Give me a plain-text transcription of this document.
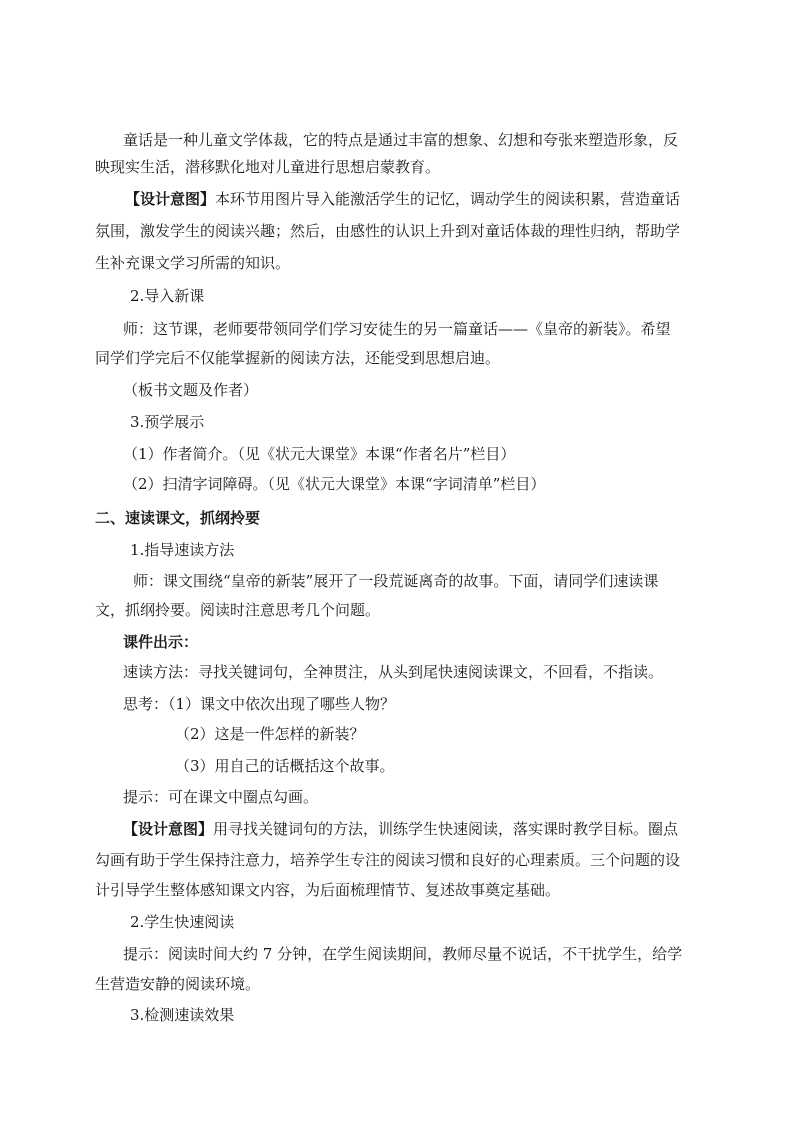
童话是一种儿童文学体裁，它的特点是通过丰富的想象、幻想和夸张来塑造形象，反
映现实生活，潜移默化地对儿童进行思想启蒙教育。
【设计意图】本环节用图片导入能激活学生的记忆，调动学生的阅读积累，营造童话
氛围，激发学生的阅读兴趣；然后，由感性的认识上升到对童话体裁的理性归纳，帮助学
生补充课文学习所需的知识。
2.导入新课
师：这节课，老师要带领同学们学习安徒生的另一篇童话——《皇帝的新装》。希望
同学们学完后不仅能掌握新的阅读方法，还能受到思想启迪。
（板书文题及作者）
3.预学展示
（1）作者简介。（见《状元大课堂》本课“作者名片”栏目）
（2）扫清字词障碍。（见《状元大课堂》本课“字词清单”栏目）
二、速读课文，抓纲拎要
1.指导速读方法
师：课文围绕“皇帝的新装”展开了一段荒诞离奇的故事。下面，请同学们速读课
文，抓纲拎要。阅读时注意思考几个问题。
课件出示：
速读方法：寻找关键词句，全神贯注，从头到尾快速阅读课文，不回看，不指读。
思考：（1）课文中依次出现了哪些人物？
（2）这是一件怎样的新装？
（3）用自己的话概括这个故事。
提示：可在课文中圈点勾画。
【设计意图】用寻找关键词句的方法，训练学生快速阅读，落实课时教学目标。圈点
勾画有助于学生保持注意力，培养学生专注的阅读习惯和良好的心理素质。三个问题的设
计引导学生整体感知课文内容，为后面梳理情节、复述故事奠定基础。
2.学生快速阅读
提示：阅读时间大约 7 分钟，在学生阅读期间，教师尽量不说话，不干扰学生，给学
生营造安静的阅读环境。
3.检测速读效果
